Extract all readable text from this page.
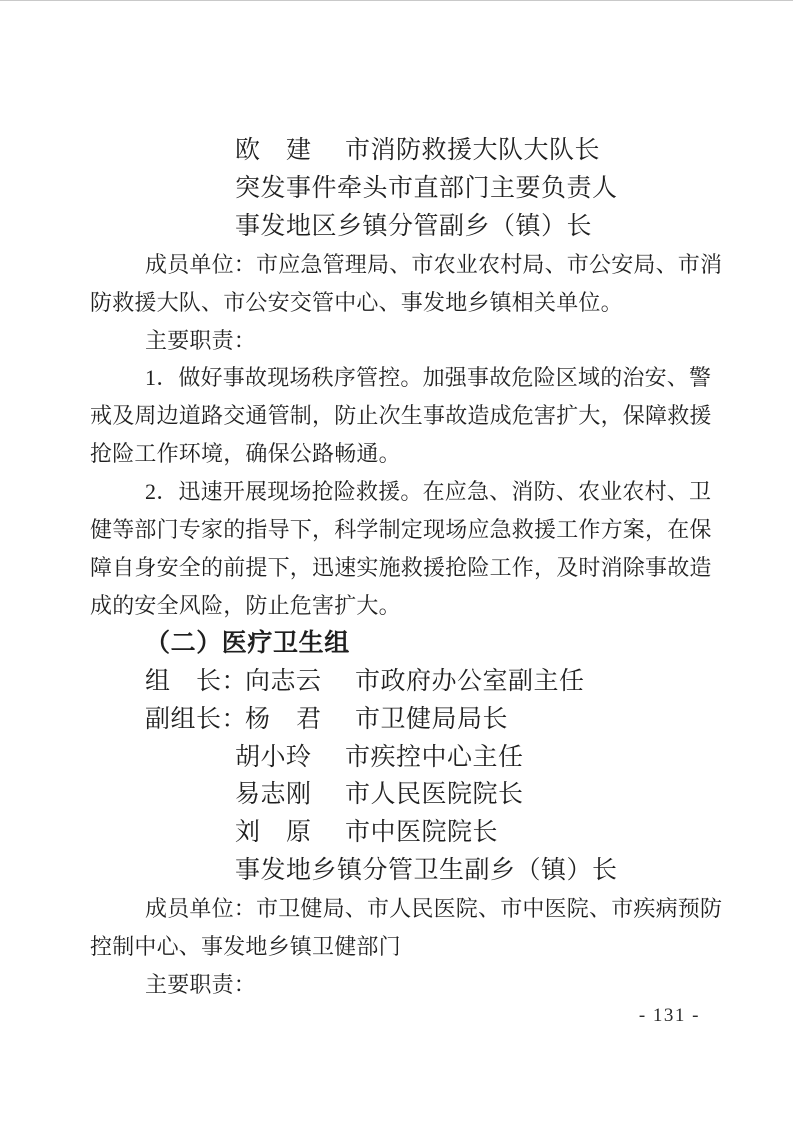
欧　建 市消防救援大队大队长
突发事件牵头市直部门主要负责人
事发地区乡镇分管副乡（镇）长
成员单位：市应急管理局、市农业农村局、市公安局、市消
防救援大队、市公安交管中心、事发地乡镇相关单位。
主要职责：
1．做好事故现场秩序管控。加强事故危险区域的治安、警
戒及周边道路交通管制，防止次生事故造成危害扩大，保障救援
抢险工作环境，确保公路畅通。
2．迅速开展现场抢险救援。在应急、消防、农业农村、卫
健等部门专家的指导下，科学制定现场应急救援工作方案，在保
障自身安全的前提下，迅速实施救援抢险工作，及时消除事故造
成的安全风险，防止危害扩大。
（二）医疗卫生组
组　长：向志云 市政府办公室副主任
副组长：杨　君 市卫健局局长
胡小玲 市疾控中心主任
易志刚 市人民医院院长
刘　原 市中医院院长
事发地乡镇分管卫生副乡（镇）长
成员单位：市卫健局、市人民医院、市中医院、市疾病预防
控制中心、事发地乡镇卫健部门
主要职责：
- 131 -
